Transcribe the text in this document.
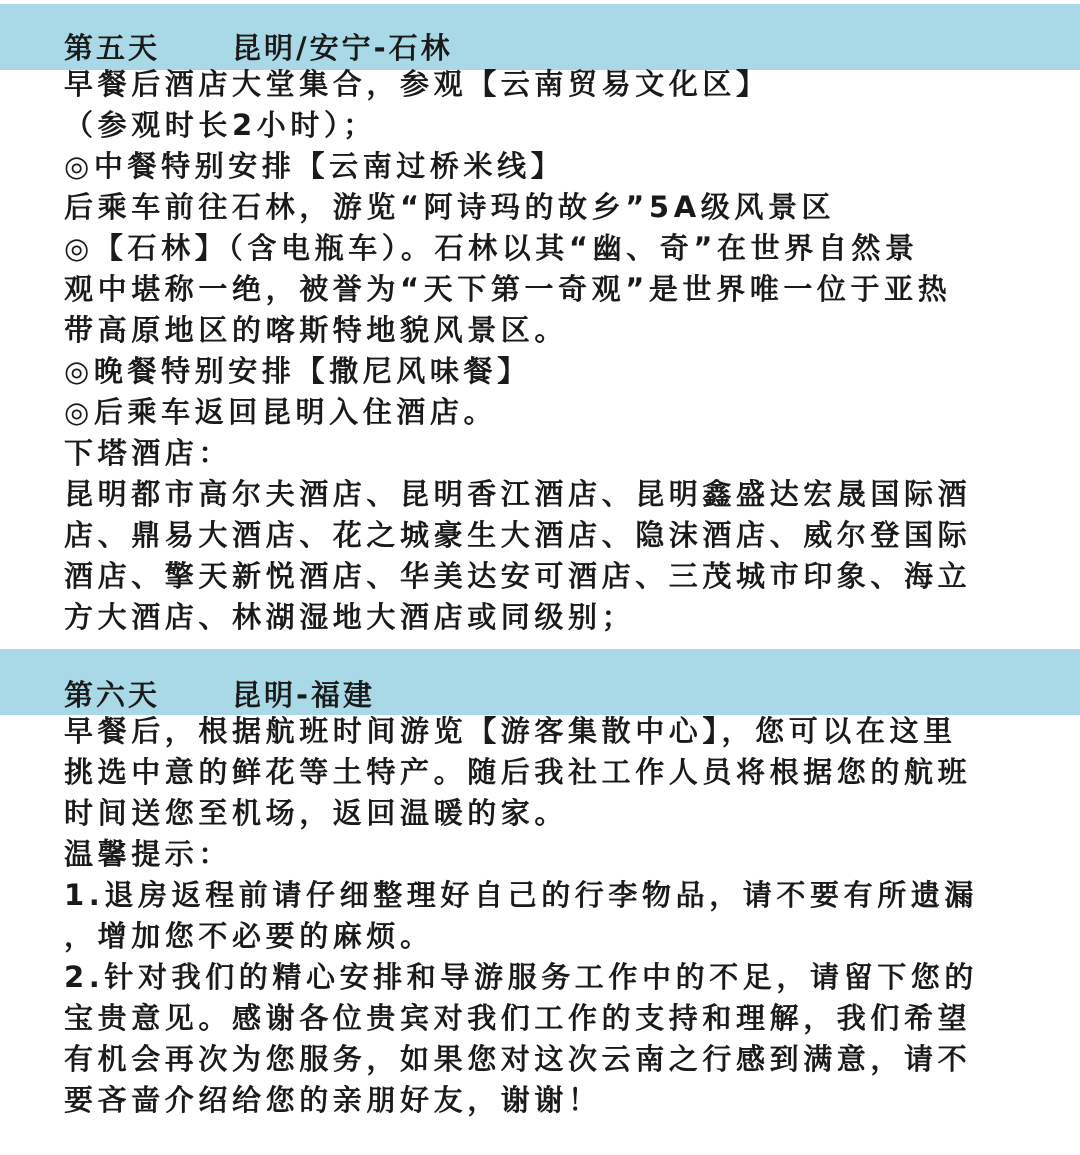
第五天 昆明/安宁-石林
早餐后酒店大堂集合，参观【云南贸易文化区】
（参观时长2小时）；
◎中餐特别安排【云南过桥米线】
后乘车前往石林，游览“阿诗玛的故乡”5A级风景区
◎【石林】（含电瓶车）。石林以其“幽、奇”在世界自然景
观中堪称一绝，被誉为“天下第一奇观”是世界唯一位于亚热
带高原地区的喀斯特地貌风景区。
◎晚餐特别安排【撒尼风味餐】
◎后乘车返回昆明入住酒店。
下塔酒店：
昆明都市高尔夫酒店、昆明香江酒店、昆明鑫盛达宏晟国际酒
店、鼎易大酒店、花之城豪生大酒店、隐沫酒店、威尔登国际
酒店、擎天新悦酒店、华美达安可酒店、三茂城市印象、海立
方大酒店、林湖湿地大酒店或同级别；
第六天 昆明-福建
早餐后，根据航班时间游览【游客集散中心】，您可以在这里
挑选中意的鲜花等土特产。随后我社工作人员将根据您的航班
时间送您至机场，返回温暖的家。
温馨提示：
1.退房返程前请仔细整理好自己的行李物品，请不要有所遗漏
，增加您不必要的麻烦。
2.针对我们的精心安排和导游服务工作中的不足，请留下您的
宝贵意见。感谢各位贵宾对我们工作的支持和理解，我们希望
有机会再次为您服务，如果您对这次云南之行感到满意，请不
要吝啬介绍给您的亲朋好友，谢谢！
